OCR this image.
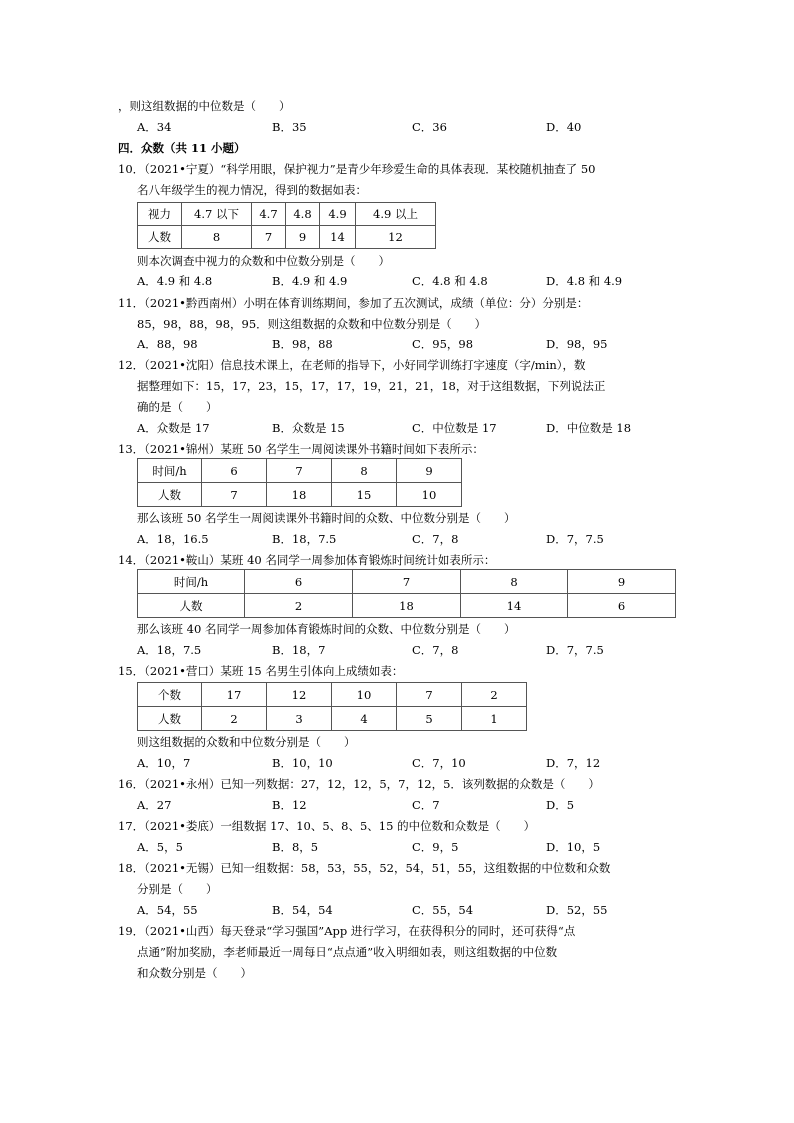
，则这组数据的中位数是（　　）
A．34	B．35	C．36	D．40
四．众数（共 11 小题）
10．（2021•宁夏）“科学用眼，保护视力”是青少年珍爱生命的具体表现．某校随机抽查了 50
名八年级学生的视力情况，得到的数据如表：
视力	4.7 以下	4.7	4.8	4.9	4.9 以上
人数	8	7	9	14	12
则本次调查中视力的众数和中位数分别是（　　）
A．4.9 和 4.8	B．4.9 和 4.9	C．4.8 和 4.8	D．4.8 和 4.9
11．（2021•黔西南州）小明在体育训练期间，参加了五次测试，成绩（单位：分）分别是：
85，98，88，98，95．则这组数据的众数和中位数分别是（　　）
A．88，98	B．98，88	C．95，98	D．98，95
12．（2021•沈阳）信息技术课上，在老师的指导下，小好同学训练打字速度（字/min），数
据整理如下：15，17，23，15，17，17，19，21，21，18，对于这组数据，下列说法正
确的是（　　）
A．众数是 17	B．众数是 15	C．中位数是 17	D．中位数是 18
13．（2021•锦州）某班 50 名学生一周阅读课外书籍时间如下表所示：
时间/h	6	7	8	9
人数	7	18	15	10
那么该班 50 名学生一周阅读课外书籍时间的众数、中位数分别是（　　）
A．18，16.5	B．18，7.5	C．7，8	D．7，7.5
14．（2021•鞍山）某班 40 名同学一周参加体育锻炼时间统计如表所示：
时间/h	6	7	8	9
人数	2	18	14	6
那么该班 40 名同学一周参加体育锻炼时间的众数、中位数分别是（　　）
A．18，7.5	B．18，7	C．7，8	D．7，7.5
15．（2021•营口）某班 15 名男生引体向上成绩如表：
个数	17	12	10	7	2
人数	2	3	4	5	1
则这组数据的众数和中位数分别是（　　）
A．10，7	B．10，10	C．7，10	D．7，12
16．（2021•永州）已知一列数据：27，12，12，5，7，12，5．该列数据的众数是（　　）
A．27	B．12	C．7	D．5
17．（2021•娄底）一组数据 17、10、5、8、5、15 的中位数和众数是（　　）
A．5，5	B．8，5	C．9，5	D．10，5
18．（2021•无锡）已知一组数据：58，53，55，52，54，51，55，这组数据的中位数和众数
分别是（　　）
A．54，55	B．54，54	C．55，54	D．52，55
19．（2021•山西）每天登录“学习强国”App 进行学习，在获得积分的同时，还可获得“点
点通”附加奖励，李老师最近一周每日“点点通”收入明细如表，则这组数据的中位数
和众数分别是（　　）
